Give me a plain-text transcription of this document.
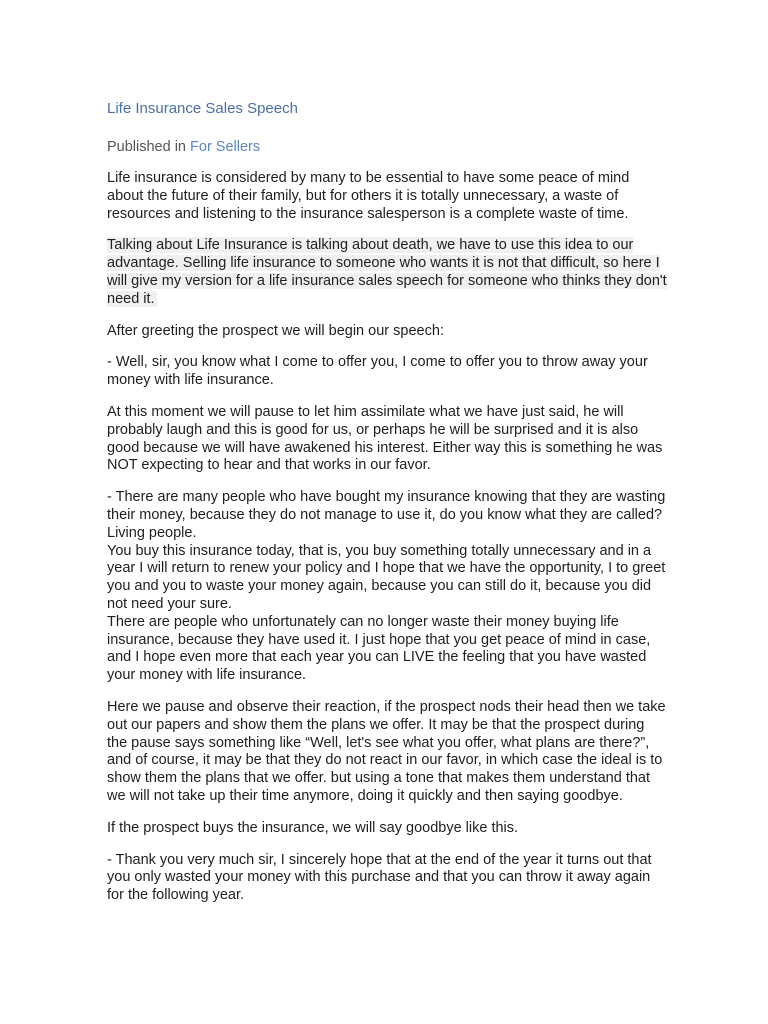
Life Insurance Sales Speech
Published in For Sellers

Life insurance is considered by many to be essential to have some peace of mind about the future of their family, but for others it is totally unnecessary, a waste of resources and listening to the insurance salesperson is a complete waste of time.

Talking about Life Insurance is talking about death, we have to use this idea to our advantage. Selling life insurance to someone who wants it is not that difficult, so here I will give my version for a life insurance sales speech for someone who thinks they don't need it.

After greeting the prospect we will begin our speech:

- Well, sir, you know what I come to offer you, I come to offer you to throw away your money with life insurance.

At this moment we will pause to let him assimilate what we have just said, he will probably laugh and this is good for us, or perhaps he will be surprised and it is also good because we will have awakened his interest. Either way this is something he was NOT expecting to hear and that works in our favor.

- There are many people who have bought my insurance knowing that they are wasting their money, because they do not manage to use it, do you know what they are called? Living people.

You buy this insurance today, that is, you buy something totally unnecessary and in a year I will return to renew your policy and I hope that we have the opportunity, I to greet you and you to waste your money again, because you can still do it, because you did not need your sure.

There are people who unfortunately can no longer waste their money buying life insurance, because they have used it. I just hope that you get peace of mind in case, and I hope even more that each year you can LIVE the feeling that you have wasted your money with life insurance.

Here we pause and observe their reaction, if the prospect nods their head then we take out our papers and show them the plans we offer. It may be that the prospect during the pause says something like “Well, let's see what you offer, what plans are there?”, and of course, it may be that they do not react in our favor, in which case the ideal is to show them the plans that we offer. but using a tone that makes them understand that we will not take up their time anymore, doing it quickly and then saying goodbye.

If the prospect buys the insurance, we will say goodbye like this.

- Thank you very much sir, I sincerely hope that at the end of the year it turns out that you only wasted your money with this purchase and that you can throw it away again for the following year.
